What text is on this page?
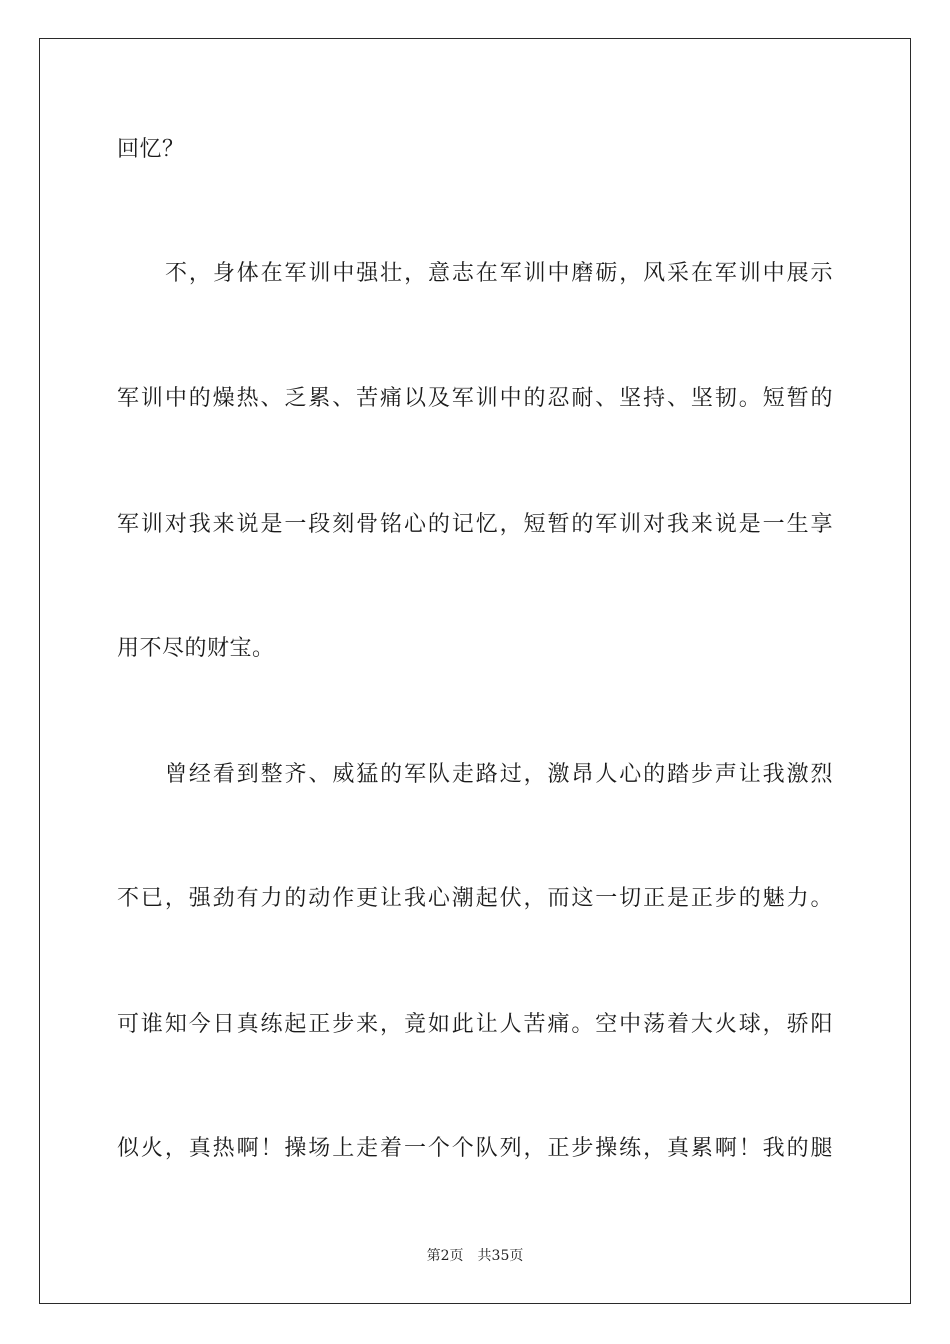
回忆？
不，身体在军训中强壮，意志在军训中磨砺，风采在军训中展示
军训中的燥热、乏累、苦痛以及军训中的忍耐、坚持、坚韧。短暂的
军训对我来说是一段刻骨铭心的记忆，短暂的军训对我来说是一生享
用不尽的财宝。
曾经看到整齐、威猛的军队走路过，激昂人心的踏步声让我激烈
不已，强劲有力的动作更让我心潮起伏，而这一切正是正步的魅力。
可谁知今日真练起正步来，竟如此让人苦痛。空中荡着大火球，骄阳
似火，真热啊！操场上走着一个个队列，正步操练，真累啊！我的腿
第2页 共35页
